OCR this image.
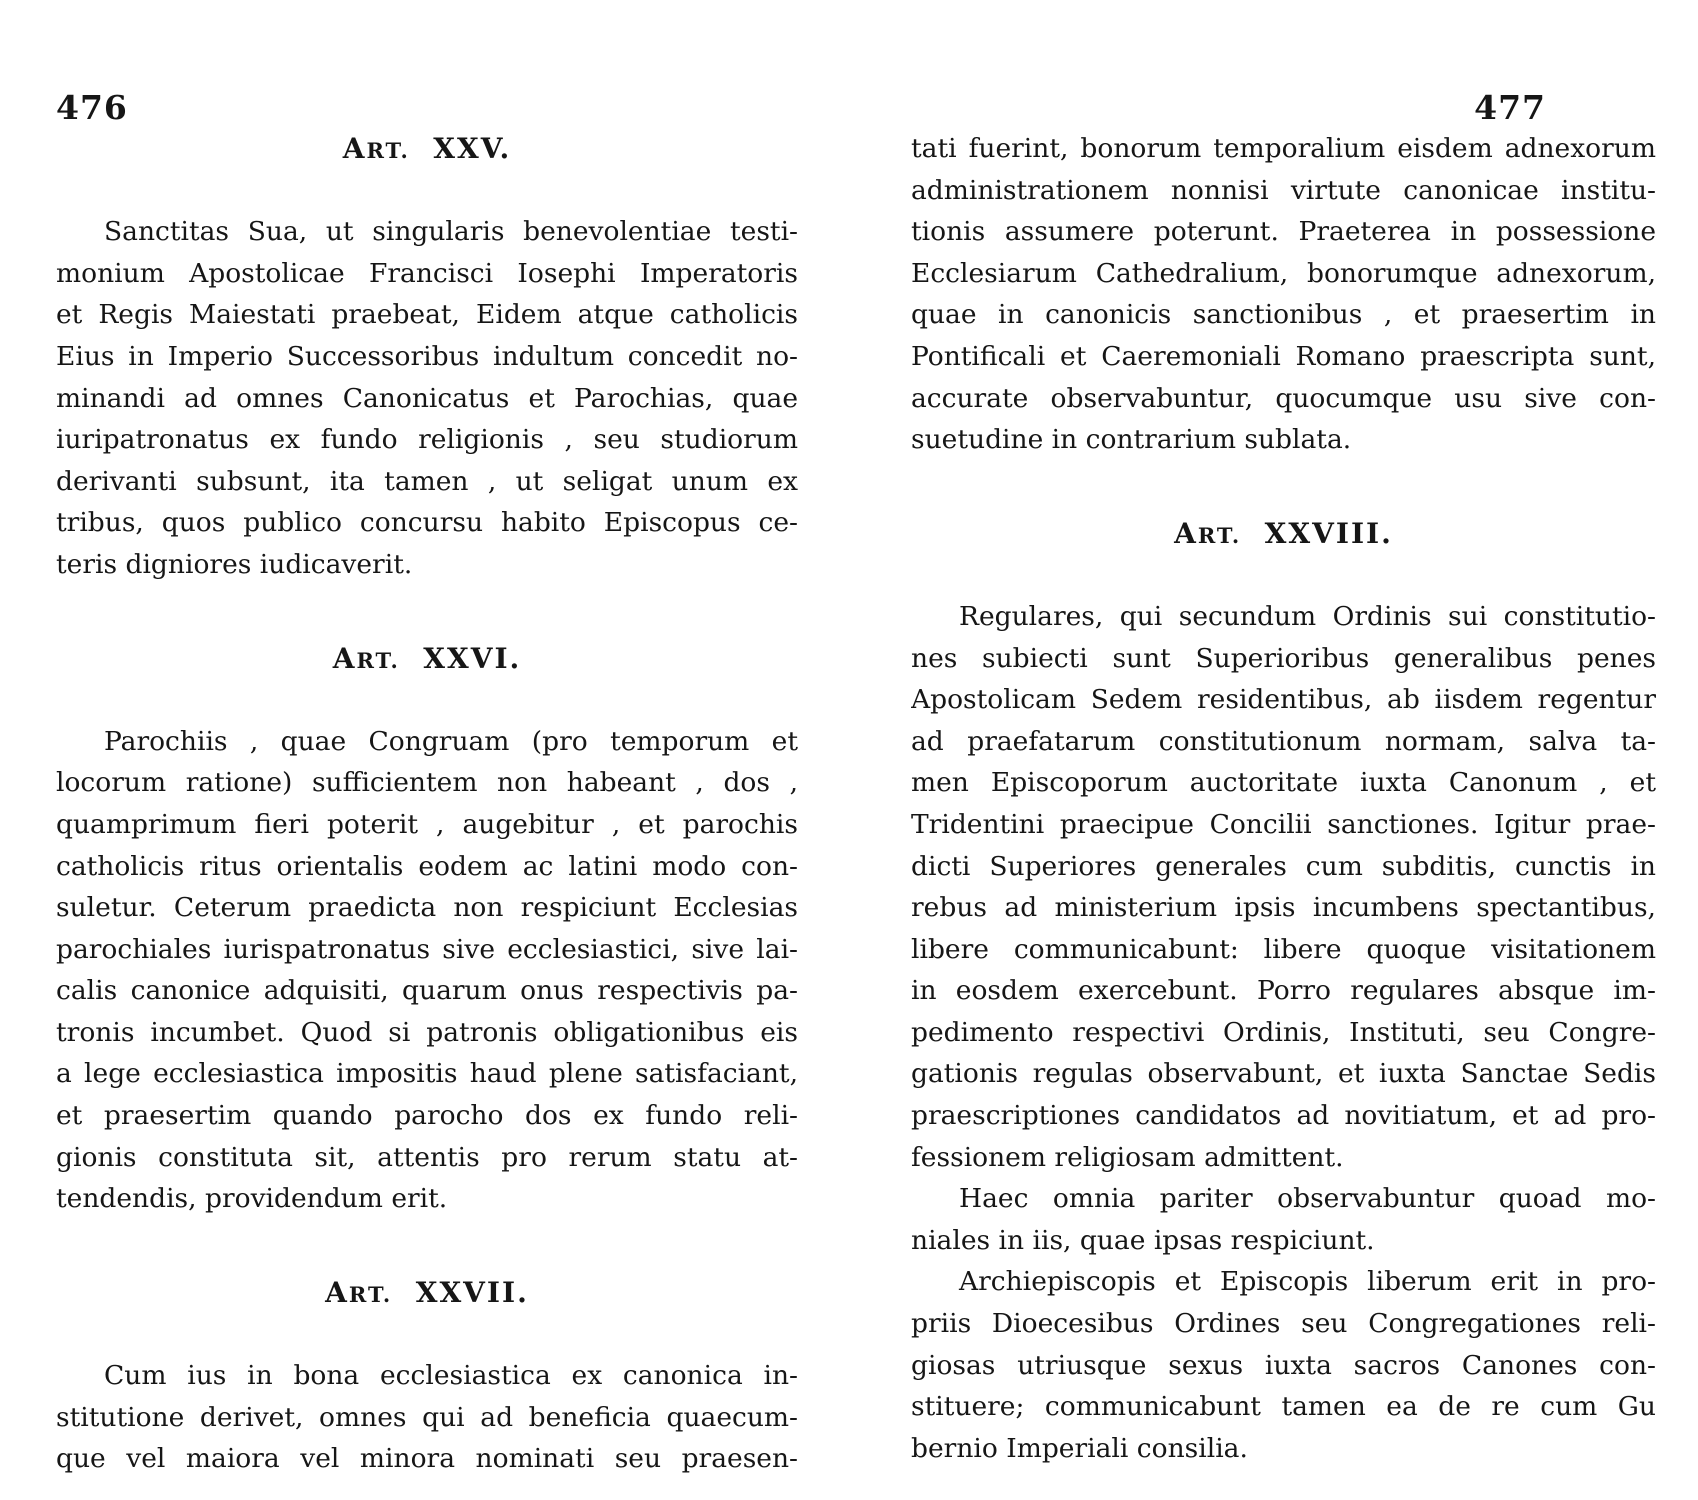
476
ART. XXV.
Sanctitas Sua, ut singularis benevolentiae testi-
monium Apostolicae Francisci Iosephi Imperatoris
et Regis Maiestati praebeat, Eidem atque catholicis
Eius in Imperio Successoribus indultum concedit no-
minandi ad omnes Canonicatus et Parochias, quae
iuripatronatus ex fundo religionis , seu studiorum
derivanti subsunt, ita tamen , ut seligat unum ex
tribus, quos publico concursu habito Episcopus ce-
teris digniores iudicaverit.
ART. XXVI.
Parochiis , quae Congruam (pro temporum et
locorum ratione) sufficientem non habeant , dos ,
quamprimum fieri poterit , augebitur , et parochis
catholicis ritus orientalis eodem ac latini modo con-
suletur. Ceterum praedicta non respiciunt Ecclesias
parochiales iurispatronatus sive ecclesiastici, sive lai-
calis canonice adquisiti, quarum onus respectivis pa-
tronis incumbet. Quod si patronis obligationibus eis
a lege ecclesiastica impositis haud plene satisfaciant,
et praesertim quando parocho dos ex fundo reli-
gionis constituta sit, attentis pro rerum statu at-
tendendis, providendum erit.
ART. XXVII.
Cum ius in bona ecclesiastica ex canonica in-
stitutione derivet, omnes qui ad beneficia quaecum-
que vel maiora vel minora nominati seu praesen-
477
tati fuerint, bonorum temporalium eisdem adnexorum
administrationem nonnisi virtute canonicae institu-
tionis assumere poterunt. Praeterea in possessione
Ecclesiarum Cathedralium, bonorumque adnexorum,
quae in canonicis sanctionibus , et praesertim in
Pontificali et Caeremoniali Romano praescripta sunt,
accurate observabuntur, quocumque usu sive con-
suetudine in contrarium sublata.
ART. XXVIII.
Regulares, qui secundum Ordinis sui constitutio-
nes subiecti sunt Superioribus generalibus penes
Apostolicam Sedem residentibus, ab iisdem regentur
ad praefatarum constitutionum normam, salva ta-
men Episcoporum auctoritate iuxta Canonum , et
Tridentini praecipue Concilii sanctiones. Igitur prae-
dicti Superiores generales cum subditis, cunctis in
rebus ad ministerium ipsis incumbens spectantibus,
libere communicabunt: libere quoque visitationem
in eosdem exercebunt. Porro regulares absque im-
pedimento respectivi Ordinis, Instituti, seu Congre-
gationis regulas observabunt, et iuxta Sanctae Sedis
praescriptiones candidatos ad novitiatum, et ad pro-
fessionem religiosam admittent.
Haec omnia pariter observabuntur quoad mo-
niales in iis, quae ipsas respiciunt.
Archiepiscopis et Episcopis liberum erit in pro-
priis Dioecesibus Ordines seu Congregationes reli-
giosas utriusque sexus iuxta sacros Canones con-
stituere; communicabunt tamen ea de re cum Gu
bernio Imperiali consilia.
